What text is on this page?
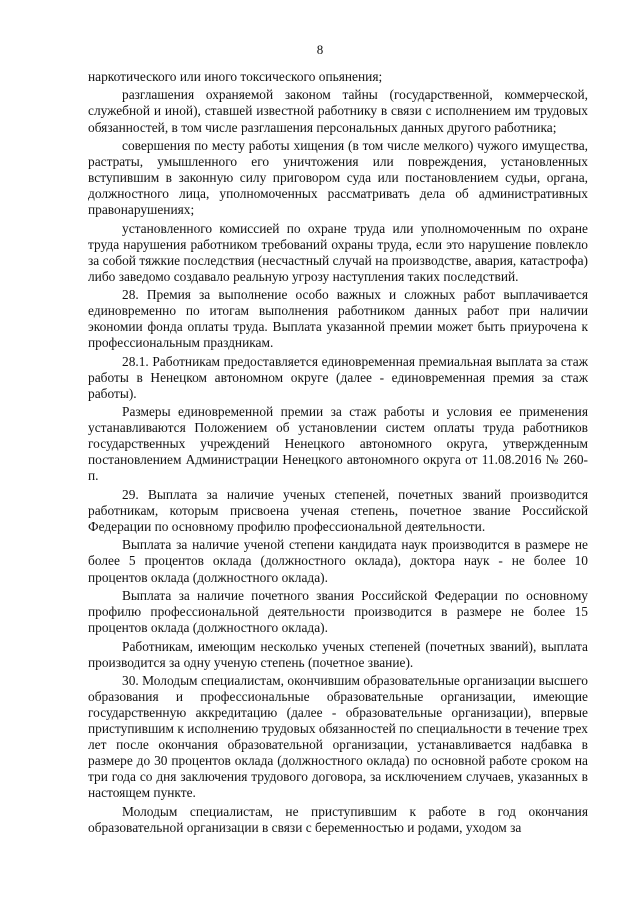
8

наркотического или иного токсического опьянения;

разглашения охраняемой законом тайны (государственной, коммерческой, служебной и иной), ставшей известной работнику в связи с исполнением им трудовых обязанностей, в том числе разглашения персональных данных другого работника;

совершения по месту работы хищения (в том числе мелкого) чужого имущества, растраты, умышленного его уничтожения или повреждения, установленных вступившим в законную силу приговором суда или постановлением судьи, органа, должностного лица, уполномоченных рассматривать дела об административных правонарушениях;

установленного комиссией по охране труда или уполномоченным по охране труда нарушения работником требований охраны труда, если это нарушение повлекло за собой тяжкие последствия (несчастный случай на производстве, авария, катастрофа) либо заведомо создавало реальную угрозу наступления таких последствий.

28. Премия за выполнение особо важных и сложных работ выплачивается единовременно по итогам выполнения работником данных работ при наличии экономии фонда оплаты труда. Выплата указанной премии может быть приурочена к профессиональным праздникам.

28.1. Работникам предоставляется единовременная премиальная выплата за стаж работы в Ненецком автономном округе (далее - единовременная премия за стаж работы).

Размеры единовременной премии за стаж работы и условия ее применения устанавливаются Положением об установлении систем оплаты труда работников государственных учреждений Ненецкого автономного округа, утвержденным постановлением Администрации Ненецкого автономного округа от 11.08.2016 № 260-п.

29. Выплата за наличие ученых степеней, почетных званий производится работникам, которым присвоена ученая степень, почетное звание Российской Федерации по основному профилю профессиональной деятельности.

Выплата за наличие ученой степени кандидата наук производится в размере не более 5 процентов оклада (должностного оклада), доктора наук - не более 10 процентов оклада (должностного оклада).

Выплата за наличие почетного звания Российской Федерации по основному профилю профессиональной деятельности производится в размере не более 15 процентов оклада (должностного оклада).

Работникам, имеющим несколько ученых степеней (почетных званий), выплата производится за одну ученую степень (почетное звание).

30. Молодым специалистам, окончившим образовательные организации высшего образования и профессиональные образовательные организации, имеющие государственную аккредитацию (далее - образовательные организации), впервые приступившим к исполнению трудовых обязанностей по специальности в течение трех лет после окончания образовательной организации, устанавливается надбавка в размере до 30 процентов оклада (должностного оклада) по основной работе сроком на три года со дня заключения трудового договора, за исключением случаев, указанных в настоящем пункте.

Молодым специалистам, не приступившим к работе в год окончания образовательной организации в связи с беременностью и родами, уходом за
